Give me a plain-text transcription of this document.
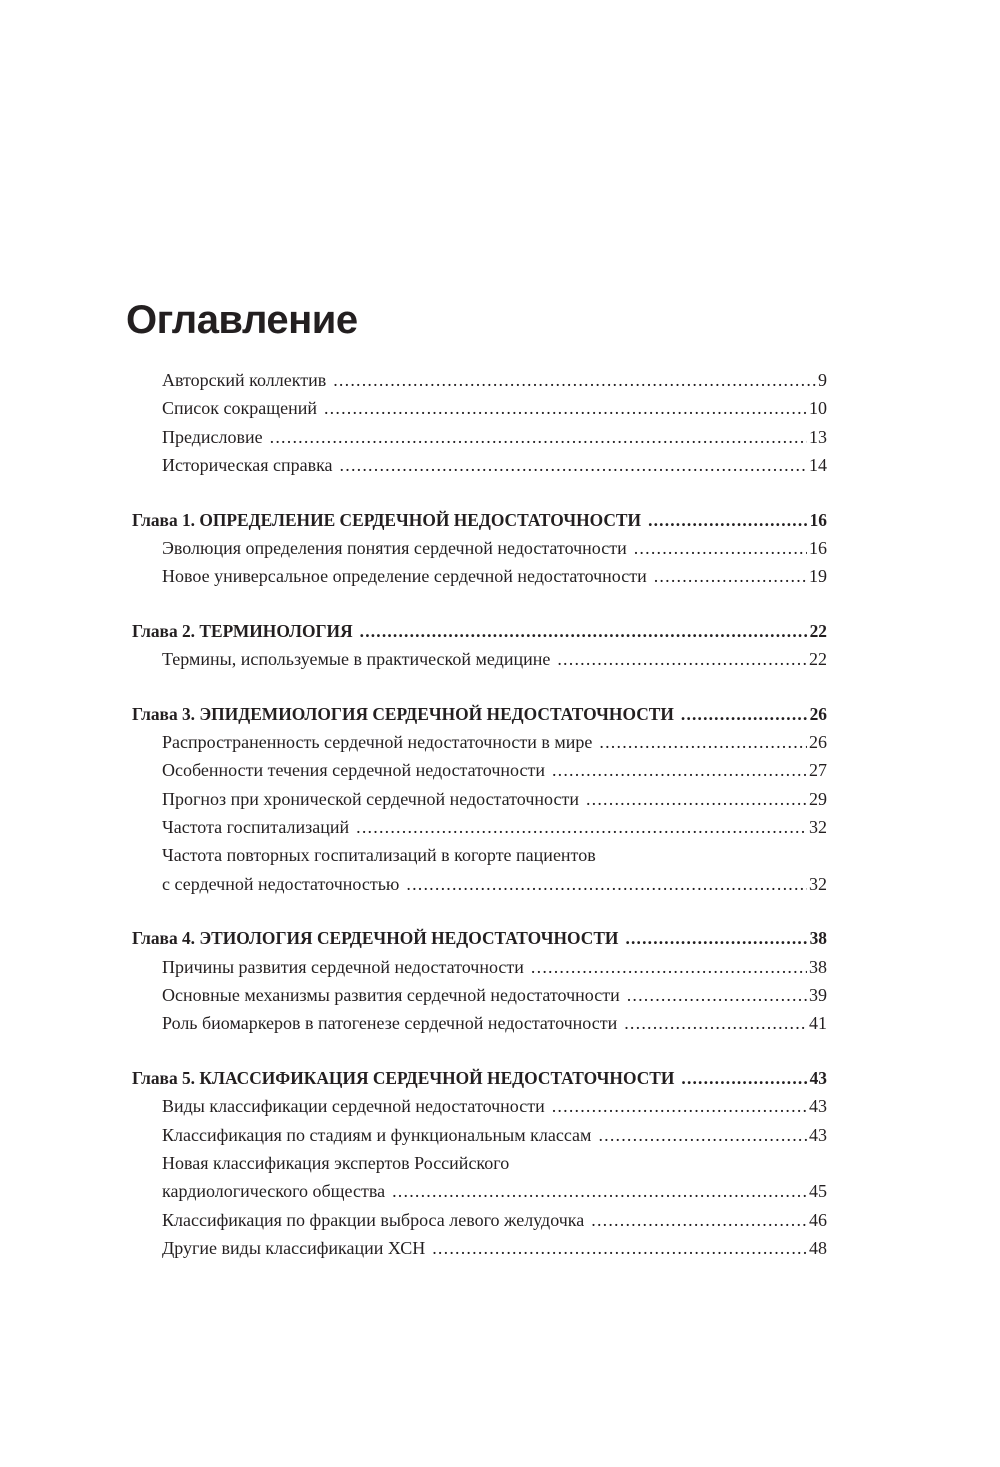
Оглавление
Авторский коллектив .....	9
Список сокращений .....	10
Предисловие .....	13
Историческая справка .....	14
Глава 1. ОПРЕДЕЛЕНИЕ СЕРДЕЧНОЙ НЕДОСТАТОЧНОСТИ .....	16
Эволюция определения понятия сердечной недостаточности .....	16
Новое универсальное определение сердечной недостаточности .....	19
Глава 2. ТЕРМИНОЛОГИЯ .....	22
Термины, используемые в практической медицине .....	22
Глава 3. ЭПИДЕМИОЛОГИЯ СЕРДЕЧНОЙ НЕДОСТАТОЧНОСТИ .....	26
Распространенность сердечной недостаточности в мире .....	26
Особенности течения сердечной недостаточности .....	27
Прогноз при хронической сердечной недостаточности .....	29
Частота госпитализаций .....	32
Частота повторных госпитализаций в когорте пациентов
с сердечной недостаточностью .....	32
Глава 4. ЭТИОЛОГИЯ СЕРДЕЧНОЙ НЕДОСТАТОЧНОСТИ .....	38
Причины развития сердечной недостаточности .....	38
Основные механизмы развития сердечной недостаточности .....	39
Роль биомаркеров в патогенезе сердечной недостаточности .....	41
Глава 5. КЛАССИФИКАЦИЯ СЕРДЕЧНОЙ НЕДОСТАТОЧНОСТИ .....	43
Виды классификации сердечной недостаточности .....	43
Классификация по стадиям и функциональным классам .....	43
Новая классификация экспертов Российского
кардиологического общества .....	45
Классификация по фракции выброса левого желудочка .....	46
Другие виды классификации ХСН .....	48
